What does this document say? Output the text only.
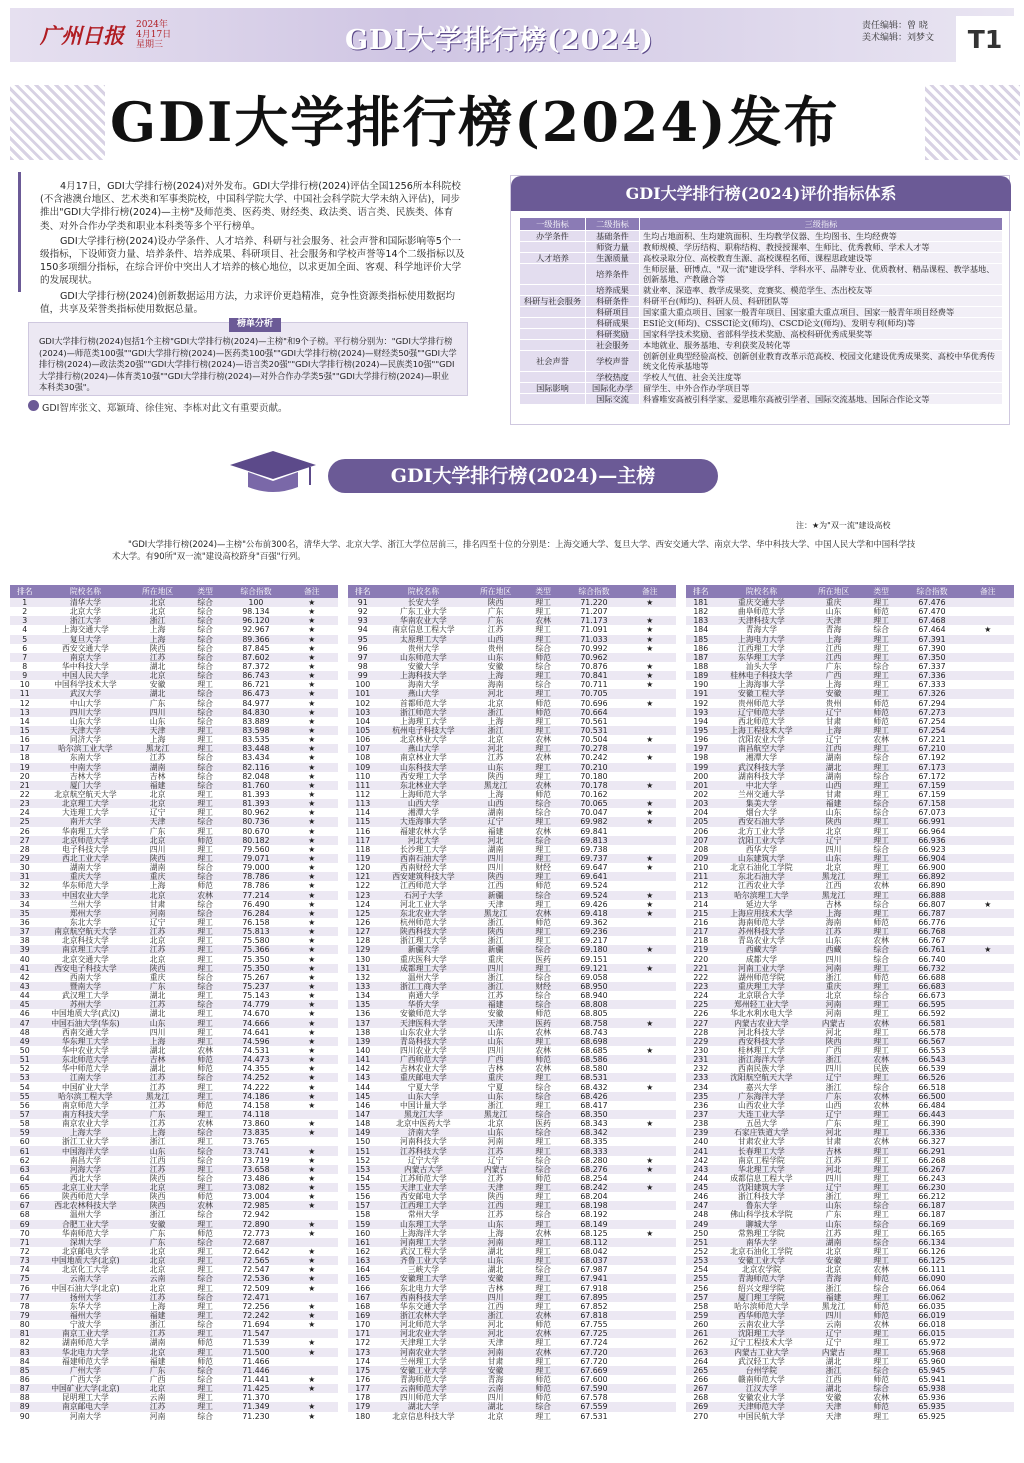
广州日报 2024年
4月17日
星期三	GDI大学排行榜(2024)	责任编辑：曾 晓
美术编辑：刘梦文	T1
GDI大学排行榜(2024)发布

4月17日，GDI大学排行榜(2024)对外发布。GDI大学排行榜(2024)评估全国1256所本科院校(不含港澳台地区、艺术类和军事类院校，中国科学院大学、中国社会科学院大学未纳入评估)，同步推出"GDI大学排行榜(2024)—主榜"及师范类、医药类、财经类、政法类、语言类、民族类、体育类、对外合作办学类和职业本科类等多个平行榜单。

GDI大学排行榜(2024)设办学条件、人才培养、科研与社会服务、社会声誉和国际影响等5个一级指标，下设师资力量、培养条件、培养成果、科研项目、社会服务和学校声誉等14个二级指标以及150多项细分指标，在综合评价中突出人才培养的核心地位，以求更加全面、客观、科学地评价大学的发展现状。

GDI大学排行榜(2024)创新数据运用方法，力求评价更趋精准，竞争性资源类指标使用数据均值，共享及荣誉类指标使用数据总量。

榜单分析
GDI大学排行榜(2024)包括1个主榜"GDI大学排行榜(2024)—主榜"和9个子榜。平行榜分别为："GDI大学排行榜(2024)—师范类100强""GDI大学排行榜(2024)—医药类100强""GDI大学排行榜(2024)—财经类50强""GDI大学排行榜(2024)—政法类20强""GDI大学排行榜(2024)—语言类20强""GDI大学排行榜(2024)—民族类10强""GDI大学排行榜(2024)—体育类10强""GDI大学排行榜(2024)—对外合作办学类5强""GDI大学排行榜(2024)—职业本科类30强"。
GDI智库张文、郑颖琦、徐佳宛、李栋对此文有重要贡献。
GDI大学排行榜(2024)评价指标体系
一级指标	二级指标	三级指标
办学条件	基础条件	生均占地面积、生均建筑面积、生均教学仪器、生均图书、生均经费等
	师资力量	教师规模、学历结构、职称结构、教授授课率、生师比、优秀教师、学术人才等
人才培养	生源质量	高校录取分位、高校教育生源、高校课程名师、课程思政建设等
	培养条件	生师层量、研博点、"双一流"建设学科、学科水平、品牌专业、优质教材、精品课程、教学基地、创新基地、产教融合等
	培养成果	就业率、深造率、教学成果奖、竞赛奖、模范学生、杰出校友等
科研与社会服务	科研条件	科研平台(师均)、科研人员、科研团队等
	科研项目	国家重大重点项目、国家一般青年项目、国家重大重点项目、国家一般青年项目经费等
	科研成果	ESI论文(师均)、CSSCI论文(师均)、CSCD论文(师均)、发明专利(师均)等
	科研奖励	国家科学技术奖励、省部科学技术奖励、高校科研优秀成果奖等
	社会服务	本地就业、服务基地、专利获奖及转化等
社会声誉	学校声誉	创新创业典型经验高校、创新创业教育改革示范高校、校园文化建设优秀成果奖、高校中华优秀传统文化传承基地等
	学校热度	学校人气值、社会关注度等
国际影响	国际化办学	留学生、中外合作办学项目等
	国际交流	科睿唯安高被引科学家、爱思唯尔高被引学者、国际交流基地、国际合作论文等
GDI大学排行榜(2024)—主榜
注：★为"双一流"建设高校
"GDI大学排行榜(2024)—主榜"公布前300名，清华大学、北京大学、浙江大学位居前三，排名四至十位的分别是：上海交通大学、复旦大学、西安交通大学、南京大学、华中科技大学、中国人民大学和中国科学技术大学。有90所"双一流"建设高校跻身"百强"行列。
排名	院校名称	所在地区	类型	综合指数	备注
1	清华大学	北京	综合	100	★
2	北京大学	北京	综合	98.134	★
3	浙江大学	浙江	综合	96.120	★
4	上海交通大学	上海	综合	92.967	★
5	复旦大学	上海	综合	89.366	★
6	西安交通大学	陕西	综合	87.845	★
7	南京大学	江苏	综合	87.602	★
8	华中科技大学	湖北	综合	87.372	★
9	中国人民大学	北京	综合	86.743	★
10	中国科学技术大学	安徽	理工	86.721	★
11	武汉大学	湖北	综合	86.473	★
12	中山大学	广东	综合	84.977	★
13	四川大学	四川	综合	84.830	★
14	山东大学	山东	综合	83.889	★
15	天津大学	天津	理工	83.598	★
16	同济大学	上海	理工	83.535	★
17	哈尔滨工业大学	黑龙江	理工	83.448	★
18	东南大学	江苏	综合	83.434	★
19	中南大学	湖南	综合	82.116	★
20	吉林大学	吉林	综合	82.048	★
21	厦门大学	福建	综合	81.760	★
22	北京航空航天大学	北京	理工	81.393	★
23	北京理工大学	北京	理工	81.393	★
24	大连理工大学	辽宁	理工	80.962	★
25	南开大学	天津	综合	80.736	★
26	华南理工大学	广东	理工	80.670	★
27	北京师范大学	北京	师范	80.182	★
28	电子科技大学	四川	理工	79.560	★
29	西北工业大学	陕西	理工	79.071	★
30	湖南大学	湖南	综合	79.000	★
31	重庆大学	重庆	综合	78.786	★
32	华东师范大学	上海	师范	78.786	★
33	中国农业大学	北京	农林	77.214	★
34	兰州大学	甘肃	综合	76.490	★
35	郑州大学	河南	综合	76.284	★
36	东北大学	辽宁	理工	76.158	★
37	南京航空航天大学	江苏	理工	75.813	★
38	北京科技大学	北京	理工	75.580	★
39	南京理工大学	江苏	理工	75.366	★
40	北京交通大学	北京	理工	75.350	★
41	西安电子科技大学	陕西	理工	75.350	★
42	西南大学	重庆	综合	75.267	★
43	暨南大学	广东	综合	75.237	★
44	武汉理工大学	湖北	理工	75.143	★
45	苏州大学	江苏	综合	74.779	★
46	中国地质大学(武汉)	湖北	理工	74.670	★
47	中国石油大学(华东)	山东	理工	74.666	★
48	西南交通大学	四川	理工	74.641	★
49	华东理工大学	上海	理工	74.596	★
50	华中农业大学	湖北	农林	74.531	★
51	东北师范大学	吉林	师范	74.473	★
52	华中师范大学	湖北	师范	74.355	★
53	江南大学	江苏	综合	74.252	★
54	中国矿业大学	江苏	理工	74.222	★
55	哈尔滨工程大学	黑龙江	理工	74.186	★
56	南京师范大学	江苏	师范	74.158	★
57	南方科技大学	广东	理工	74.118	
58	南京农业大学	江苏	农林	73.860	★
59	上海大学	上海	综合	73.835	★
60	浙江工业大学	浙江	理工	73.765	
61	中国海洋大学	山东	综合	73.741	★
62	南昌大学	江西	综合	73.719	★
63	河海大学	江苏	理工	73.658	★
64	西北大学	陕西	综合	73.486	★
65	北京工业大学	北京	理工	73.082	★
66	陕西师范大学	陕西	师范	73.004	★
67	西北农林科技大学	陕西	农林	72.985	★
68	温州大学	浙江	综合	72.942	
69	合肥工业大学	安徽	理工	72.890	★
70	华南师范大学	广东	师范	72.773	★
71	深圳大学	广东	综合	72.687	
72	北京邮电大学	北京	理工	72.642	★
73	中国地质大学(北京)	北京	理工	72.565	★
74	北京化工大学	北京	理工	72.547	★
75	云南大学	云南	综合	72.536	★
76	中国石油大学(北京)	北京	理工	72.509	★
77	扬州大学	江苏	综合	72.471	
78	东华大学	上海	理工	72.256	★
79	福州大学	福建	理工	72.242	★
80	宁波大学	浙江	综合	71.694	★
81	南京工业大学	江苏	理工	71.547	
82	湖南师范大学	湖南	师范	71.539	★
83	华北电力大学	北京	理工	71.500	★
84	福建师范大学	福建	师范	71.466	
85	广州大学	广东	综合	71.446	
86	广西大学	广西	综合	71.441	★
87	中国矿业大学(北京)	北京	理工	71.425	★
88	昆明理工大学	云南	理工	71.370	
89	南京邮电大学	江苏	理工	71.349	★
90	河南大学	河南	综合	71.230	★
排名	院校名称	所在地区	类型	综合指数	备注
91	长安大学	陕西	理工	71.220	★
92	广东工业大学	广东	理工	71.207	
93	华南农业大学	广东	农林	71.173	★
94	南京信息工程大学	江苏	理工	71.091	★
95	太原理工大学	山西	理工	71.033	★
96	贵州大学	贵州	综合	70.992	★
97	山东师范大学	山东	师范	70.962	
98	安徽大学	安徽	综合	70.876	★
99	上海科技大学	上海	理工	70.841	★
100	海南大学	海南	综合	70.711	★
101	燕山大学	河北	理工	70.705	
102	首都师范大学	北京	师范	70.696	★
103	浙江师范大学	浙江	师范	70.664	
104	上海理工大学	上海	理工	70.561	
105	杭州电子科技大学	浙江	理工	70.531	
106	北京林业大学	北京	农林	70.504	★
107	燕山大学	河北	理工	70.278	
108	南京林业大学	江苏	农林	70.242	★
109	山东科技大学	山东	理工	70.210	
110	西安理工大学	陕西	理工	70.180	
111	东北林业大学	黑龙江	农林	70.178	★
112	上海师范大学	上海	师范	70.162	
113	山西大学	山西	综合	70.065	★
114	湘潭大学	湖南	综合	70.047	★
115	大连海事大学	辽宁	理工	69.982	★
116	福建农林大学	福建	农林	69.841	
117	河北大学	河北	综合	69.813	
118	长沙理工大学	湖南	理工	69.738	
119	西南石油大学	四川	理工	69.737	★
120	西南财经大学	四川	财经	69.647	★
121	西安建筑科技大学	陕西	理工	69.641	
122	江西师范大学	江西	师范	69.524	
123	石河子大学	新疆	综合	69.524	★
124	河北工业大学	天津	理工	69.426	★
125	东北农业大学	黑龙江	农林	69.418	★
126	杭州师范大学	浙江	师范	69.362	
127	陕西科技大学	陕西	理工	69.236	
128	浙江理工大学	浙江	理工	69.217	
129	新疆大学	新疆	综合	69.180	★
130	重庆医科大学	重庆	医药	69.151	
131	成都理工大学	四川	理工	69.121	★
132	温州大学	浙江	综合	69.058	
133	浙江工商大学	浙江	财经	68.950	
134	南通大学	江苏	综合	68.940	
135	华侨大学	福建	综合	68.808	
136	安徽师范大学	安徽	师范	68.805	
137	天津医科大学	天津	医药	68.758	★
138	山东农业大学	山东	农林	68.743	
139	青岛科技大学	山东	理工	68.698	
140	四川农业大学	四川	农林	68.685	★
141	广西师范大学	广西	师范	68.586	
142	吉林农业大学	吉林	农林	68.580	
143	重庆邮电大学	重庆	理工	68.531	
144	宁夏大学	宁夏	综合	68.432	★
145	山东大学	山东	综合	68.426	
146	中国计量大学	浙江	理工	68.417	
147	黑龙江大学	黑龙江	综合	68.350	
148	北京中医药大学	北京	医药	68.343	★
149	济南大学	山东	综合	68.342	
150	河南科技大学	河南	理工	68.335	
151	江苏科技大学	江苏	理工	68.333	
152	辽宁大学	辽宁	综合	68.280	★
153	内蒙古大学	内蒙古	综合	68.276	★
154	江苏师范大学	江苏	师范	68.254	
155	天津工业大学	天津	理工	68.242	★
156	西安邮电大学	陕西	理工	68.204	
157	江西理工大学	江西	理工	68.198	
158	常州大学	江苏	综合	68.192	
159	山东理工大学	山东	理工	68.149	
160	上海海洋大学	上海	农林	68.125	★
161	河南理工大学	河南	理工	68.112	
162	武汉工程大学	湖北	理工	68.042	
163	齐鲁工业大学	山东	理工	68.037	
164	三峡大学	湖北	综合	67.987	
165	安徽理工大学	安徽	理工	67.941	
166	东北电力大学	吉林	理工	67.918	
167	西南科技大学	四川	理工	67.895	
168	华东交通大学	江西	理工	67.852	
169	浙江农林大学	浙江	农林	67.818	
170	河北师范大学	河北	师范	67.755	
171	河北农业大学	河北	农林	67.725	
172	天津理工大学	天津	理工	67.724	
173	河南农业大学	河南	农林	67.720	
174	兰州理工大学	甘肃	理工	67.720	
175	安徽工业大学	安徽	理工	67.669	
176	青海师范大学	青海	师范	67.600	
177	云南师范大学	云南	师范	67.590	
178	四川师范大学	四川	师范	67.578	
179	湖北大学	湖北	综合	67.559	
180	北京信息科技大学	北京	理工	67.531	
排名	院校名称	所在地区	类型	综合指数	备注
181	重庆交通大学	重庆	理工	67.476	
182	曲阜师范大学	山东	师范	67.470	
183	天津科技大学	天津	理工	67.468	
184	青海大学	青海	综合	67.464	★
185	上海电力大学	上海	理工	67.391	
186	江西理工大学	江西	理工	67.390	
187	东华理工大学	江西	理工	67.350	
188	汕头大学	广东	综合	67.337	
189	桂林电子科技大学	广西	理工	67.336	
190	上海海事大学	上海	理工	67.333	
191	安徽工程大学	安徽	理工	67.326	
192	贵州师范大学	贵州	师范	67.294	
193	辽宁师范大学	辽宁	师范	67.273	
194	西北师范大学	甘肃	师范	67.254	
195	上海工程技术大学	上海	理工	67.254	
196	沈阳农业大学	辽宁	农林	67.221	
197	南昌航空大学	江西	理工	67.210	
198	湘潭大学	湖南	综合	67.192	
199	武汉科技大学	湖北	理工	67.173	
200	湖南科技大学	湖南	综合	67.172	
201	中北大学	山西	理工	67.159	
202	兰州交通大学	甘肃	理工	67.159	
203	集美大学	福建	综合	67.158	
204	烟台大学	山东	综合	67.073	
205	西安石油大学	陕西	理工	66.991	
206	北方工业大学	北京	理工	66.964	
207	沈阳工业大学	辽宁	理工	66.936	
208	西华大学	四川	综合	66.923	
209	山东建筑大学	山东	理工	66.904	
210	北京石油化工学院	北京	理工	66.900	
211	东北石油大学	黑龙江	理工	66.892	
212	江西农业大学	江西	农林	66.890	
213	哈尔滨理工大学	黑龙江	理工	66.888	
214	延边大学	吉林	综合	66.807	★
215	上海应用技术大学	上海	理工	66.787	
216	海南师范大学	海南	师范	66.776	
217	苏州科技大学	江苏	理工	66.768	
218	青岛农业大学	山东	农林	66.767	
219	西藏大学	西藏	综合	66.761	★
220	成都大学	四川	综合	66.740	
221	河南工业大学	河南	理工	66.732	
222	湖州师范学院	浙江	师范	66.688	
223	重庆理工大学	重庆	理工	66.683	
224	北京联合大学	北京	综合	66.673	
225	郑州轻工业大学	河南	理工	66.595	
226	华北水利水电大学	河南	理工	66.592	
227	内蒙古农业大学	内蒙古	农林	66.581	
228	河北科技大学	河北	理工	66.578	
229	西安科技大学	陕西	理工	66.567	
230	桂林理工大学	广西	理工	66.553	
231	浙江海洋大学	浙江	农林	66.543	
232	西南民族大学	四川	民族	66.539	
233	沈阳航空航天大学	辽宁	理工	66.526	
234	嘉兴大学	浙江	综合	66.518	
235	广东海洋大学	广东	农林	66.500	
236	山西农业大学	山西	农林	66.484	
237	大连工业大学	辽宁	理工	66.443	
238	五邑大学	广东	理工	66.390	
239	石家庄铁道大学	河北	理工	66.336	
240	甘肃农业大学	甘肃	农林	66.327	
241	长春理工大学	吉林	理工	66.291	
242	南京工程学院	江苏	理工	66.268	
243	华北理工大学	河北	理工	66.267	
244	成都信息工程大学	四川	理工	66.243	
245	沈阳建筑大学	辽宁	理工	66.230	
246	浙江科技大学	浙江	理工	66.212	
247	鲁东大学	山东	综合	66.187	
248	佛山科学技术学院	广东	理工	66.187	
249	聊城大学	山东	综合	66.169	
250	常熟理工学院	江苏	理工	66.165	
251	南华大学	湖南	综合	66.134	
252	北京石油化工学院	北京	理工	66.126	
253	安徽工业大学	安徽	理工	66.125	
254	北京农学院	北京	农林	66.111	
255	青海师范大学	青海	师范	66.090	
256	绍兴文理学院	浙江	综合	66.064	
257	厦门理工学院	福建	理工	66.062	
258	哈尔滨师范大学	黑龙江	师范	66.035	
259	西华师范大学	四川	师范	66.019	
260	云南农业大学	云南	农林	66.018	
261	沈阳理工大学	辽宁	理工	66.015	
262	辽宁工程技术大学	辽宁	理工	65.972	
263	内蒙古工业大学	内蒙古	理工	65.968	
264	武汉轻工大学	湖北	理工	65.960	
265	台州学院	浙江	综合	65.945	
266	赣南师范大学	江西	师范	65.941	
267	江汉大学	湖北	综合	65.938	
268	安徽农业大学	安徽	农林	65.936	
269	天津师范大学	天津	师范	65.935	
270	中国民航大学	天津	理工	65.925	
